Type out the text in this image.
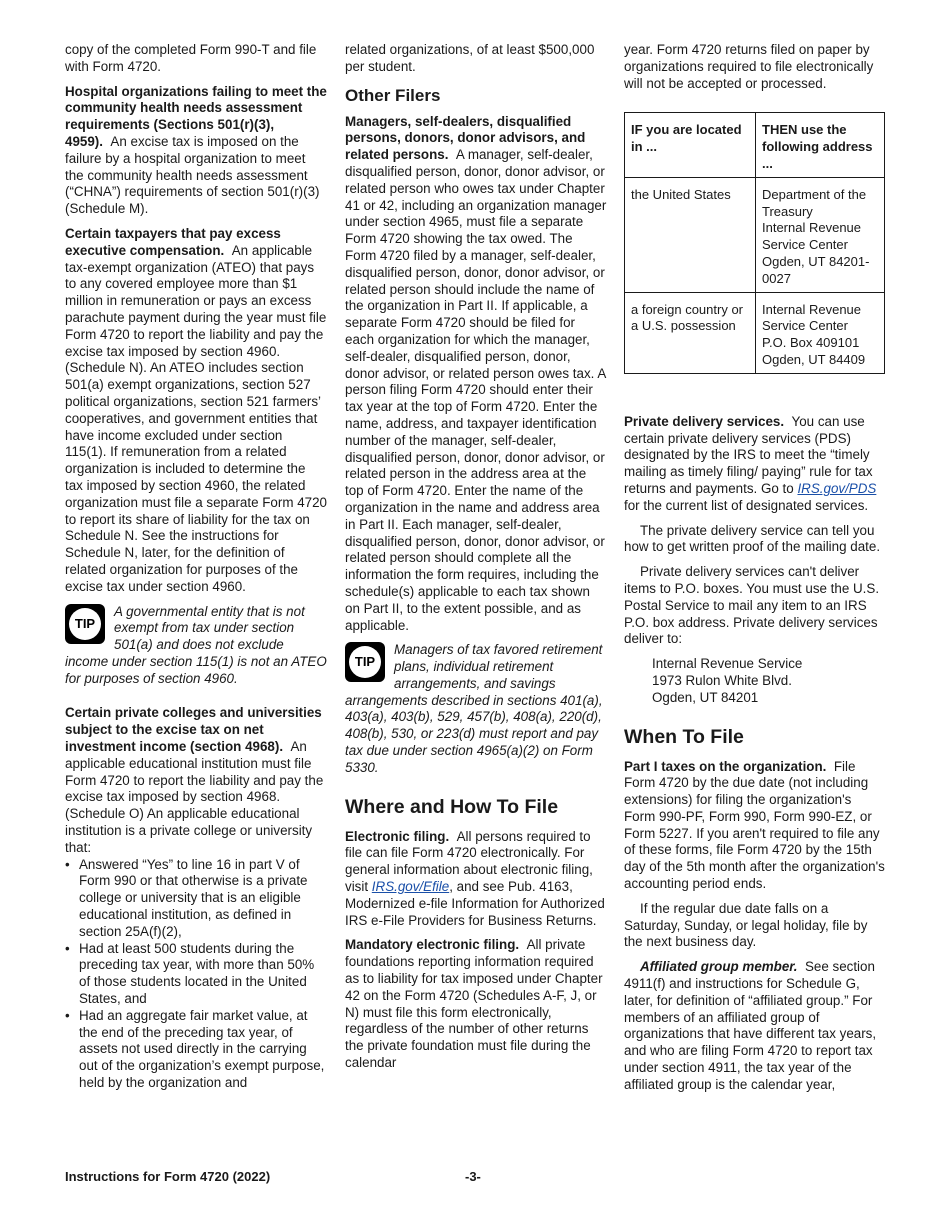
copy of the completed Form 990-T and file with Form 4720.

Hospital organizations failing to meet the community health needs assessment requirements (Sections 501(r)(3), 4959). An excise tax is imposed on the failure by a hospital organization to meet the community health needs assessment (“CHNA”) requirements of section 501(r)(3) (Schedule M).

Certain taxpayers that pay excess executive compensation. An applicable tax-exempt organization (ATEO) that pays to any covered employee more than $1 million in remuneration or pays an excess parachute payment during the year must file Form 4720 to report the liability and pay the excise tax imposed by section 4960. (Schedule N). An ATEO includes section 501(a) exempt organizations, section 527 political organizations, section 521 farmers’ cooperatives, and government entities that have income excluded under section 115(1). If remuneration from a related organization is included to determine the tax imposed by section 4960, the related organization must file a separate Form 4720 to report its share of liability for the tax on Schedule N. See the instructions for Schedule N, later, for the definition of related organization for purposes of the excise tax under section 4960.

TIP
A governmental entity that is not exempt from tax under section 501(a) and does not exclude income under section 115(1) is not an ATEO for purposes of section 4960.

Certain private colleges and universities subject to the excise tax on net investment income (section 4968). An applicable educational institution must file Form 4720 to report the liability and pay the excise tax imposed by section 4968. (Schedule O) An applicable educational institution is a private college or university that:

• Answered “Yes” to line 16 in part V of Form 990 or that otherwise is a private college or university that is an eligible educational institution, as defined in section 25A(f)(2),
• Had at least 500 students during the preceding tax year, with more than 50% of those students located in the United States, and
• Had an aggregate fair market value, at the end of the preceding tax year, of assets not used directly in the carrying out of the organization’s exempt purpose, held by the organization and

related organizations, of at least $500,000 per student.

Other Filers

Managers, self-dealers, disqualified persons, donors, donor advisors, and related persons. A manager, self-dealer, disqualified person, donor, donor advisor, or related person who owes tax under Chapter 41 or 42, including an organization manager under section 4965, must file a separate Form 4720 showing the tax owed. The Form 4720 filed by a manager, self-dealer, disqualified person, donor, donor advisor, or related person should include the name of the organization in Part II. If applicable, a separate Form 4720 should be filed for each organization for which the manager, self-dealer, disqualified person, donor, donor advisor, or related person owes tax. A person filing Form 4720 should enter their tax year at the top of Form 4720. Enter the name, address, and taxpayer identification number of the manager, self-dealer, disqualified person, donor, donor advisor, or related person in the address area at the top of Form 4720. Enter the name of the organization in the name and address area in Part II. Each manager, self-dealer, disqualified person, donor, donor advisor, or related person should complete all the information the form requires, including the schedule(s) applicable to each tax shown on Part II, to the extent possible, and as applicable.

TIP
Managers of tax favored retirement plans, individual retirement arrangements, and savings arrangements described in sections 401(a), 403(a), 403(b), 529, 457(b), 408(a), 220(d), 408(b), 530, or 223(d) must report and pay tax due under section 4965(a)(2) on Form 5330.
Where and How To File

Electronic filing. All persons required to file can file Form 4720 electronically. For general information about electronic filing, visit IRS.gov/Efile, and see Pub. 4163, Modernized e-file Information for Authorized IRS e-File Providers for Business Returns.

Mandatory electronic filing. All private foundations reporting information required as to liability for tax imposed under Chapter 42 on the Form 4720 (Schedules A-F, J, or N) must file this form electronically, regardless of the number of other returns the private foundation must file during the calendar

year. Form 4720 returns filed on paper by organizations required to file electronically will not be accepted or processed.

IF you are located in ...	THEN use the following address ...
the United States	Department of the Treasury
Internal Revenue Service Center
Ogden, UT 84201-0027

a foreign country or a U.S. possession	Internal Revenue Service Center
P.O. Box 409101
Ogden, UT 84409

Private delivery services. You can use certain private delivery services (PDS) designated by the IRS to meet the “timely mailing as timely filing/ paying” rule for tax returns and payments. Go to IRS.gov/PDS for the current list of designated services.

The private delivery service can tell you how to get written proof of the mailing date.

Private delivery services can't deliver items to P.O. boxes. You must use the U.S. Postal Service to mail any item to an IRS P.O. box address. Private delivery services deliver to:

Internal Revenue Service
1973 Rulon White Blvd.
Ogden, UT 84201
When To File

Part I taxes on the organization. File Form 4720 by the due date (not including extensions) for filing the organization's Form 990-PF, Form 990, Form 990-EZ, or Form 5227. If you aren't required to file any of these forms, file Form 4720 by the 15th day of the 5th month after the organization's accounting period ends.

If the regular due date falls on a Saturday, Sunday, or legal holiday, file by the next business day.

Affiliated group member. See section 4911(f) and instructions for Schedule G, later, for definition of “affiliated group.” For members of an affiliated group of organizations that have different tax years, and who are filing Form 4720 to report tax under section 4911, the tax year of the affiliated group is the calendar year,

Instructions for Form 4720 (2022)	-3-
